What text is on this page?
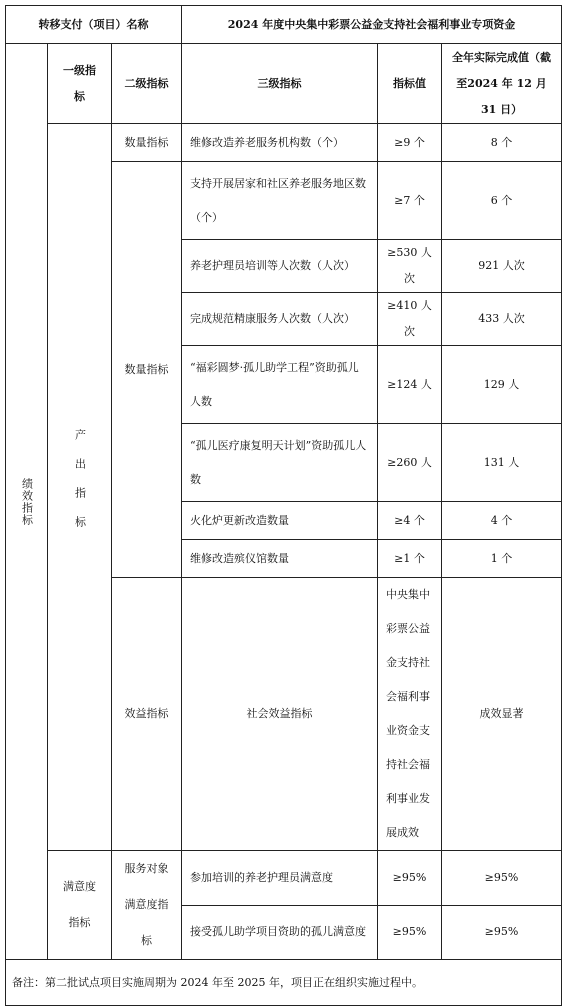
转移支付（项目）名称			2024 年度中央集中彩票公益金支持社会福利事业专项资金			

绩效指标	一级指标	二级指标	三级指标	指标值	全年实际完成值（截至2024 年 12 月 31 日）	

	产出指标	数量指标	维修改造养老服务机构数（个）	≥9 个	8 个	
		数量指标	支持开展居家和社区养老服务地区数（个）	≥7 个	6 个	
			养老护理员培训等人次数（人次）	≥530 人次	921 人次	
			完成规范精康服务人次数（人次）	≥410 人次	433 人次	
			“福彩圆梦·孤儿助学工程”资助孤儿人数	≥124 人	129 人	
			“孤儿医疗康复明天计划”资助孤儿人数	≥260 人	131 人	
			火化炉更新改造数量	≥4 个	4 个	
			维修改造殡仪馆数量	≥1 个	1 个	
		效益指标	社会效益指标	中央集中彩票公益金支持社会福利事业资金支持社会福利事业发展成效	成效显著	
	满意度指标	服务对象满意度指标	参加培训的养老护理员满意度	≥95%	≥95%	
			接受孤儿助学项目资助的孤儿满意度	≥95%	≥95%	
备注：第二批试点项目实施周期为 2024 年至 2025 年，项目正在组织实施过程中。						
